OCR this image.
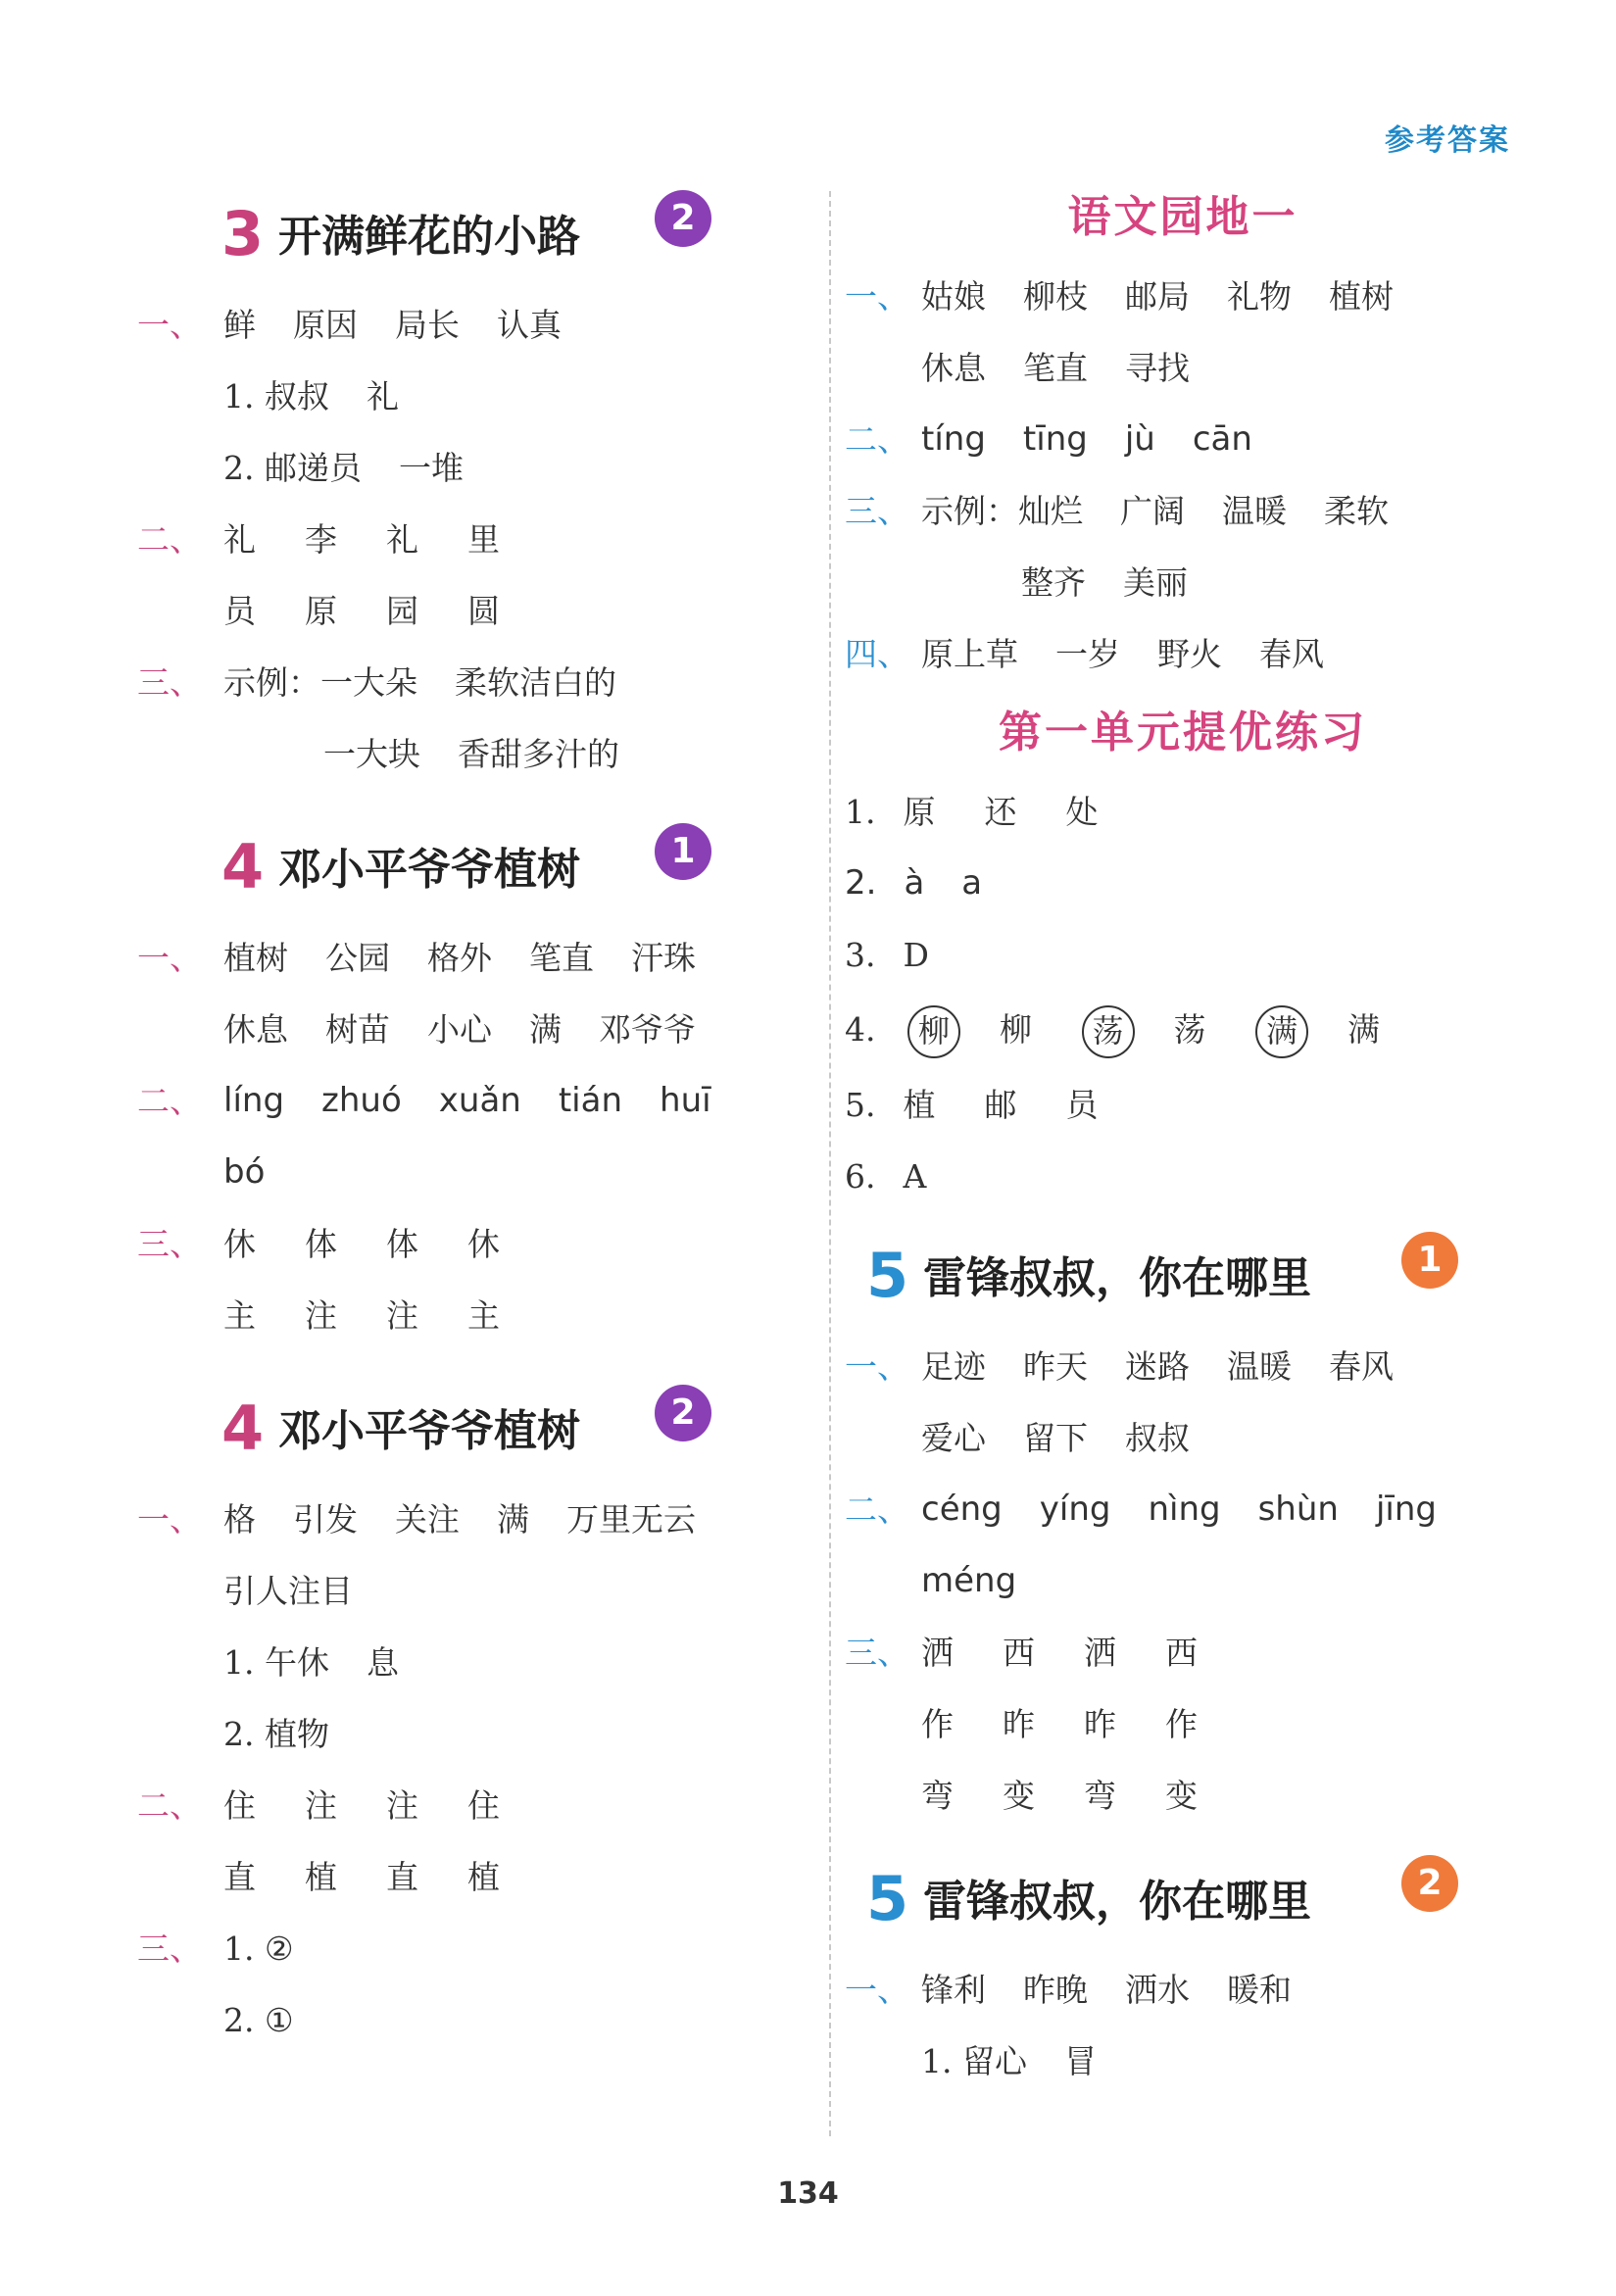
参考答案
3 开满鲜花的小路	2
一、 鲜 原因 局长 认真
1. 叔叔 礼
2. 邮递员 一堆
二、 礼 李 礼 里
员 原 园 圆
三、 示例：一大朵 柔软洁白的
一大块 香甜多汁的
4 邓小平爷爷植树	1
一、 植树 公园 格外 笔直 汗珠
休息 树苗 小心 满 邓爷爷
二、 líng zhuó xuǎn tián huī
bó
三、 休 体 体 休
主 注 注 主
4 邓小平爷爷植树	2
一、 格 引发 关注 满 万里无云
引人注目
1. 午休 息
2. 植物
二、 住 注 注 住
直 植 直 植
三、 1. ②
2. ①
语文园地一
一、 姑娘 柳枝 邮局 礼物 植树
休息 笔直 寻找
二、 tíng tīng jù cān
三、 示例：灿烂 广阔 温暖 柔软
整齐 美丽
四、 原上草 一岁 野火 春风
第一单元提优练习
1. 原 还 处
2. à a
3. D
4. 柳 柳 荡 荡 满 满
5. 植 邮 员
6. A
5 雷锋叔叔，你在哪里	1
一、 足迹 昨天 迷路 温暖 春风
爱心 留下 叔叔
二、 céng yíng nìng shùn jīng
méng
三、 洒 西 洒 西
作 昨 昨 作
弯 变 弯 变
5 雷锋叔叔，你在哪里	2
一、 锋利 昨晚 洒水 暖和
1. 留心 冒
134
